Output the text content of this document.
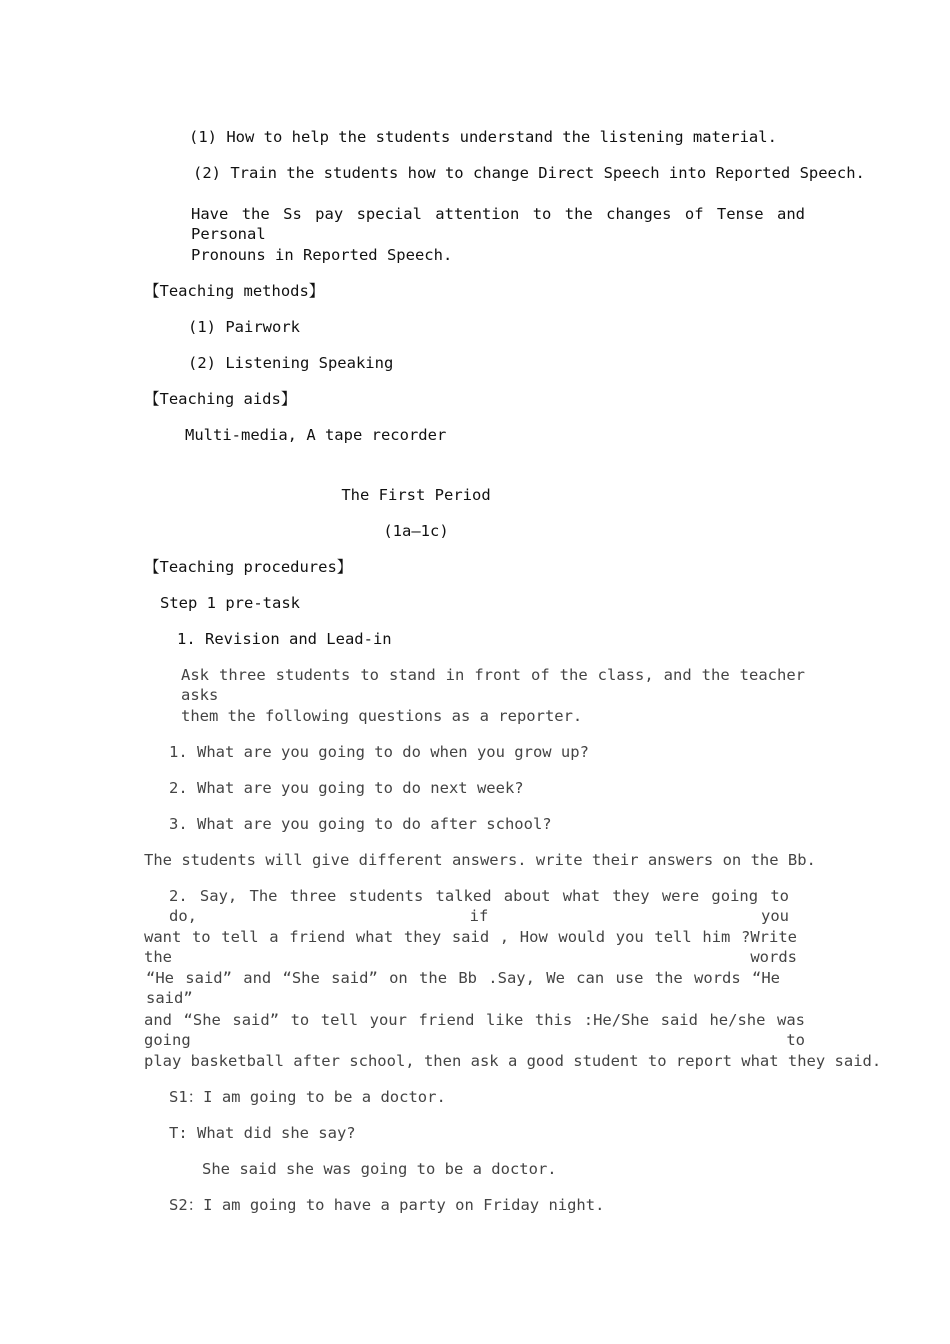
(1) How to help the students understand the listening material.
(2) Train the students how to change Direct Speech into Reported Speech.
Have the Ss pay special attention to the changes of Tense and Personal
Pronouns in Reported Speech.
【Teaching methods】
(1) Pairwork
(2) Listening Speaking
【Teaching aids】
Multi-media, A tape recorder
The First Period
(1a—1c)
【Teaching procedures】
Step 1 pre-task
1. Revision and Lead-in
Ask three students to stand in front of the class, and the teacher asks
them the following questions as a reporter.
1. What are you going to do when you grow up?
2. What are you going to do next week?
3. What are you going to do after school?
The students will give different answers. write their answers on the Bb.
2. Say, The three students talked about what they were going to do, if you
want to tell a friend what they said , How would you tell him ?Write the words
“He said” and “She said” on the Bb .Say, We can use the words “He said”
and “She said” to tell your friend like this :He/She said he/she was going to
play basketball after school, then ask a good student to report what they said.
S1：I am going to be a doctor.
T: What did she say?
She said she was going to be a doctor.
S2：I am going to have a party on Friday night.
